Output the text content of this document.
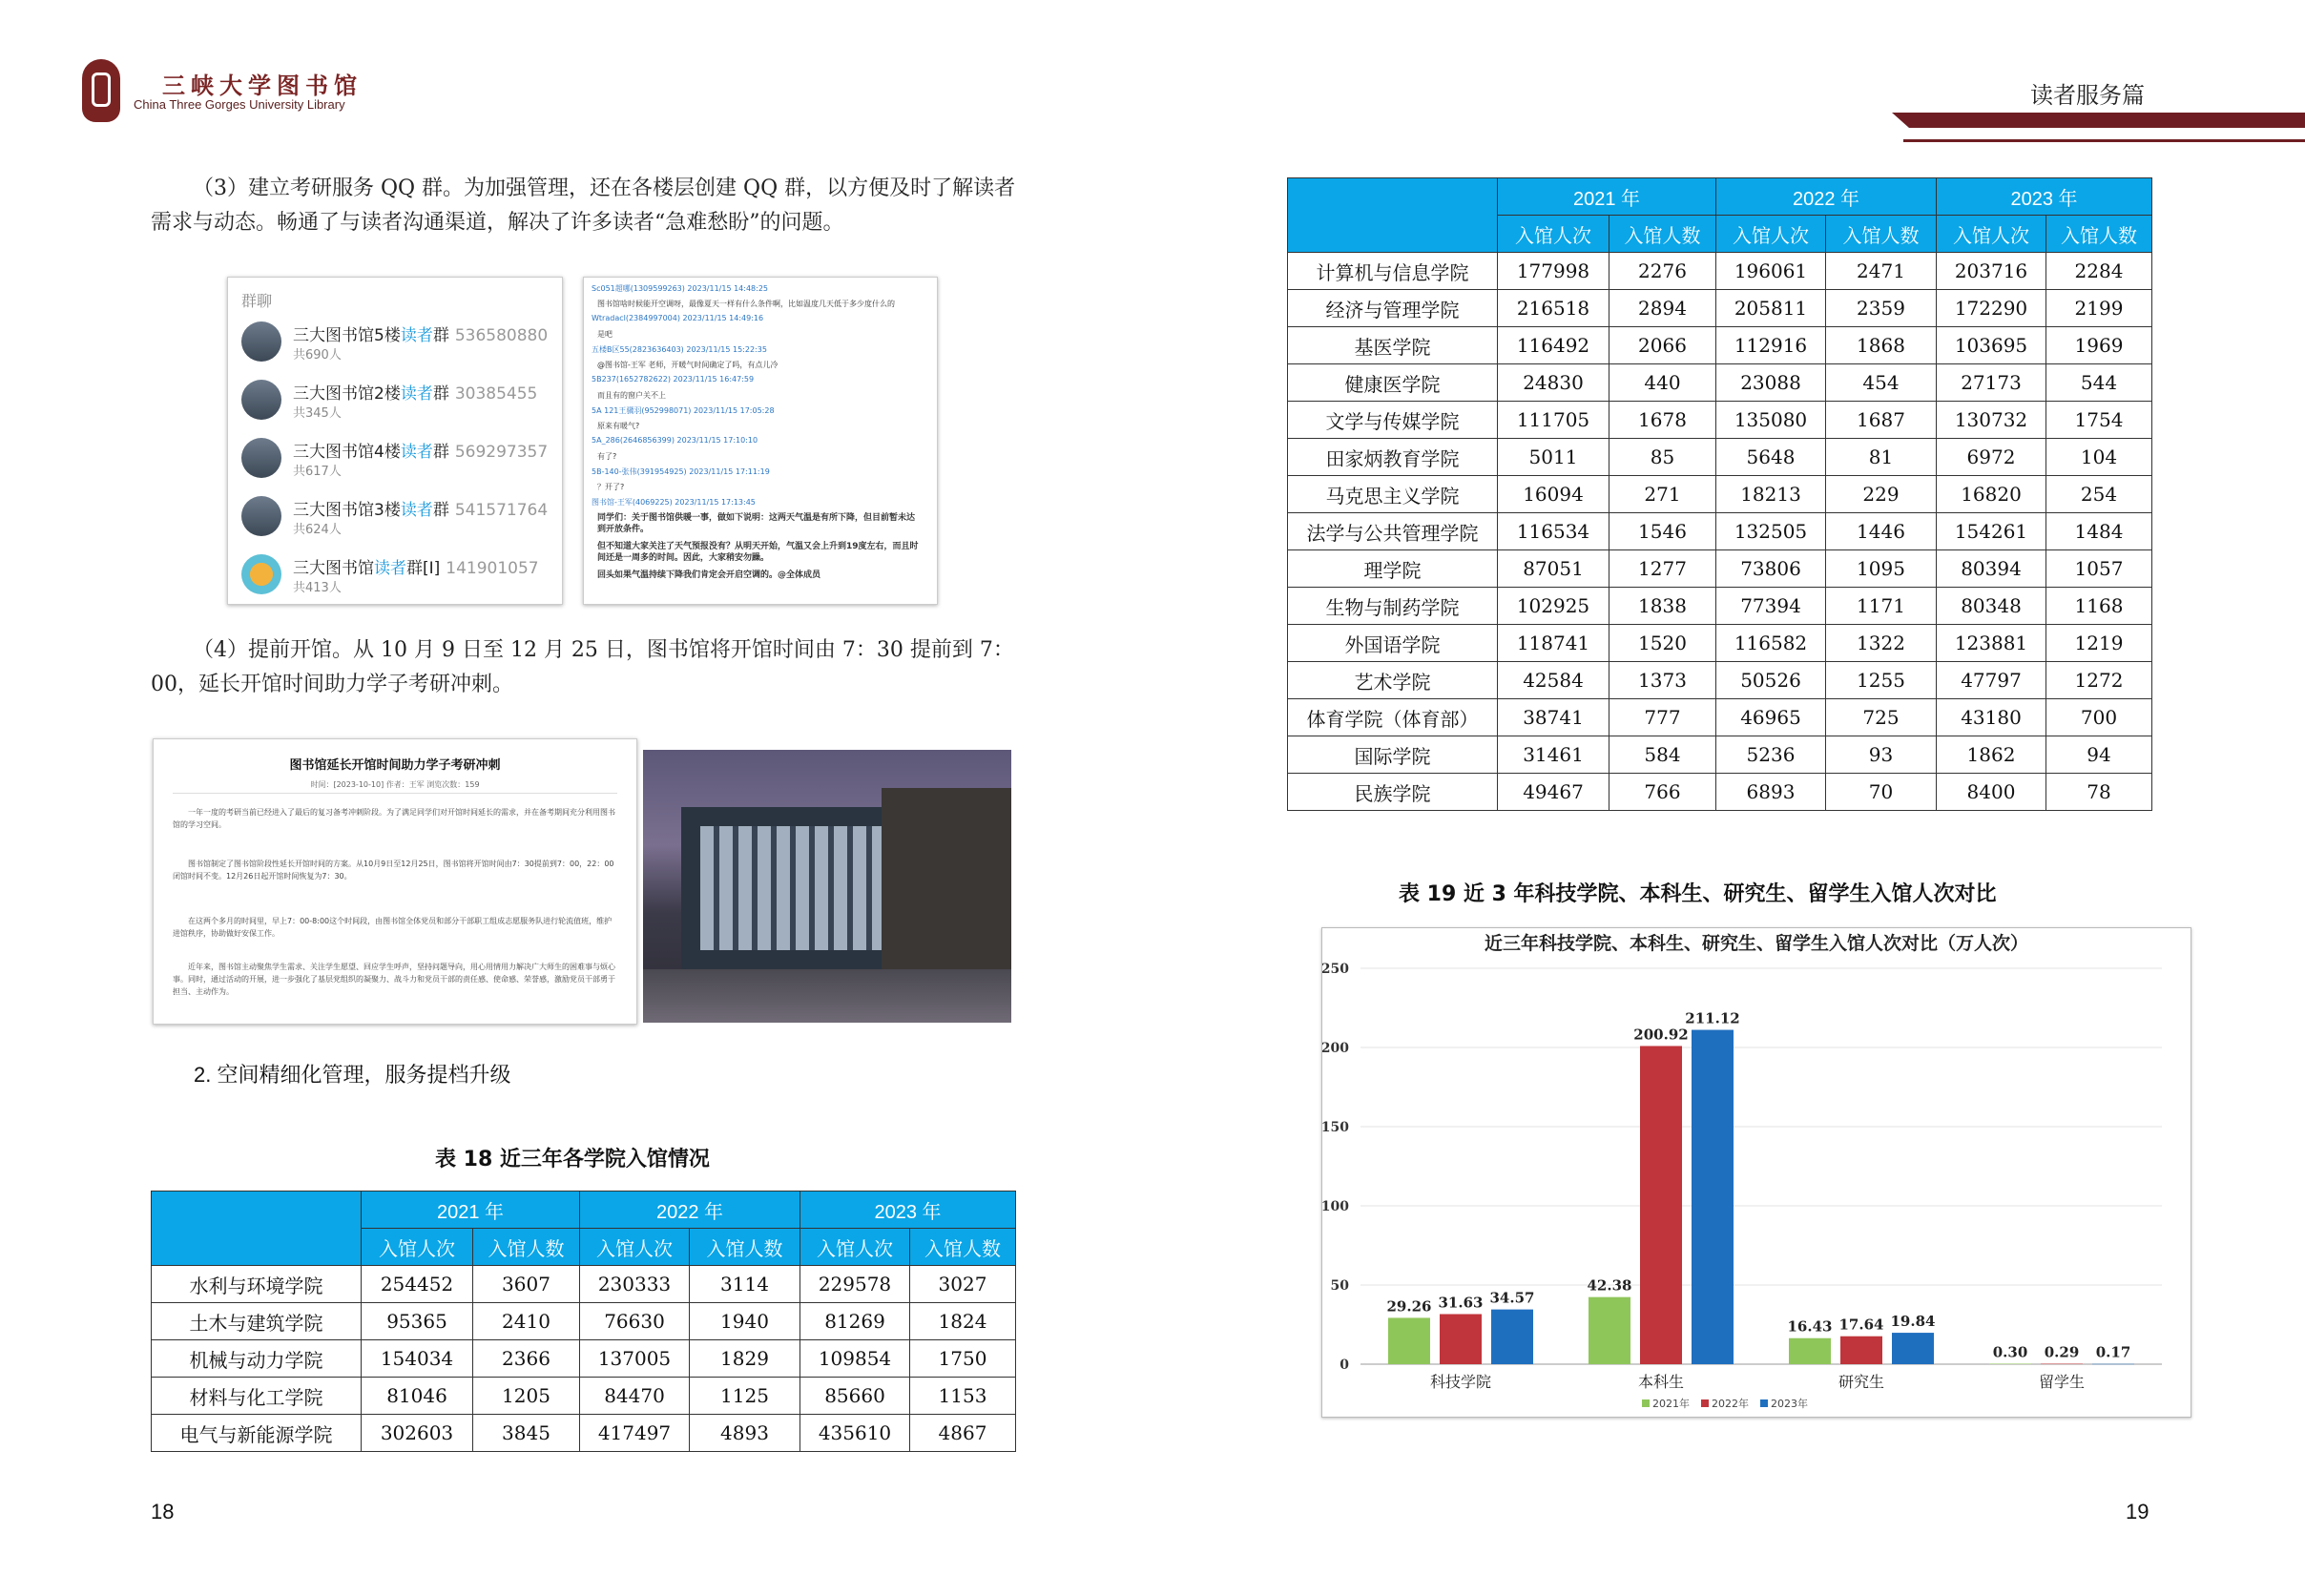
三峡大学图书馆
China Three Gorges University Library	读者服务篇
（3）建立考研服务 QQ 群。为加强管理，还在各楼层创建 QQ 群，以方便及时了解读者需求与动态。畅通了与读者沟通渠道，解决了许多读者“急难愁盼”的问题。
群聊
三大图书馆5楼读者群 536580880
共690人
三大图书馆2楼读者群 30385455
共345人
三大图书馆4楼读者群 569297357
共617人
三大图书馆3楼读者群 541571764
共624人
三大图书馆读者群[I] 141901057
共413人
Sc051超哪(1309599263) 2023/11/15 14:48:25
图书馆啥时候能开空调呀，最像夏天一样有什么条件啊，比如温度几天低于多少度什么的
Wtradacl(2384997004) 2023/11/15 14:49:16
是吧
五楼B区55(2823636403) 2023/11/15 15:22:35
@图书馆-王军 老师，开暖气时间确定了吗，有点儿冷
5B237(1652782622) 2023/11/15 16:47:59
而且有的窗户关不上
5A 121王骥羽(952998071) 2023/11/15 17:05:28
原来有暖气?
5A_286(2646856399) 2023/11/15 17:10:10
有了?
5B-140-张伟(391954925) 2023/11/15 17:11:19
？开了?
图书馆-王军(4069225) 2023/11/15 17:13:45
同学们：关于图书馆供暖一事，做如下说明：这两天气温是有所下降，但目前暂未达到开放条件。
但不知道大家关注了天气预报没有？从明天开始，气温又会上升到19度左右，而且时间还是一周多的时间。因此，大家稍安勿躁。
回头如果气温持续下降我们肯定会开启空调的。@全体成员
（4）提前开馆。从 10 月 9 日至 12 月 25 日，图书馆将开馆时间由 7：30 提前到 7：00，延长开馆时间助力学子考研冲刺。
图书馆延长开馆时间助力学子考研冲刺
时间：[2023-10-10] 作者：王军 浏览次数：159
一年一度的考研当前已经进入了最后的复习备考冲刺阶段。为了满足同学们对开馆时间延长的需求，并在备考期间充分利用图书馆的学习空间。
图书馆制定了图书馆阶段性延长开馆时间的方案。从10月9日至12月25日，图书馆将开馆时间由7：30提前到7：00，22：00闭馆时间不变。12月26日起开馆时间恢复为7：30。
在这两个多月的时间里，早上7：00-8:00这个时间段，由图书馆全体党员和部分干部职工组成志愿服务队进行轮流值班，维护进馆秩序，协助做好安保工作。
近年来，图书馆主动聚焦学生需求、关注学生愿望、回应学生呼声，坚持问题导向，用心用情用力解决广大师生的困难事与烦心事。同时，通过活动的开展，进一步强化了基层党组织的凝聚力、战斗力和党员干部的责任感、使命感、荣誉感，激励党员干部勇于担当、主动作为。
2. 空间精细化管理，服务提档升级
表 18 近三年各学院入馆情况
	2021 年		2022 年		2023 年	
	入馆人次	入馆人数	入馆人次	入馆人数	入馆人次	入馆人数
水利与环境学院	254452	3607	230333	3114	229578	3027
土木与建筑学院	95365	2410	76630	1940	81269	1824
机械与动力学院	154034	2366	137005	1829	109854	1750
材料与化工学院	81046	1205	84470	1125	85660	1153
电气与新能源学院	302603	3845	417497	4893	435610	4867
18
	2021 年		2022 年		2023 年	
	入馆人次	入馆人数	入馆人次	入馆人数	入馆人次	入馆人数
计算机与信息学院	177998	2276	196061	2471	203716	2284
经济与管理学院	216518	2894	205811	2359	172290	2199
基医学院	116492	2066	112916	1868	103695	1969
健康医学院	24830	440	23088	454	27173	544
文学与传媒学院	111705	1678	135080	1687	130732	1754
田家炳教育学院	5011	85	5648	81	6972	104
马克思主义学院	16094	271	18213	229	16820	254
法学与公共管理学院	116534	1546	132505	1446	154261	1484
理学院	87051	1277	73806	1095	80394	1057
生物与制药学院	102925	1838	77394	1171	80348	1168
外国语学院	118741	1520	116582	1322	123881	1219
艺术学院	42584	1373	50526	1255	47797	1272
体育学院（体育部）	38741	777	46965	725	43180	700
国际学院	31461	584	5236	93	1862	94
民族学院	49467	766	6893	70	8400	78
表 19 近 3 年科技学院、本科生、研究生、留学生入馆人次对比
近三年科技学院、本科生、研究生、留学生入馆人次对比（万人次）
0
50
100
150
200
250
29.26 31.63 34.57
科技学院
42.38
200.92
211.12
本科生
16.43 17.64 19.84
研究生
0.30 0.29 0.17
留学生
2021年 2022年 2023年
19
